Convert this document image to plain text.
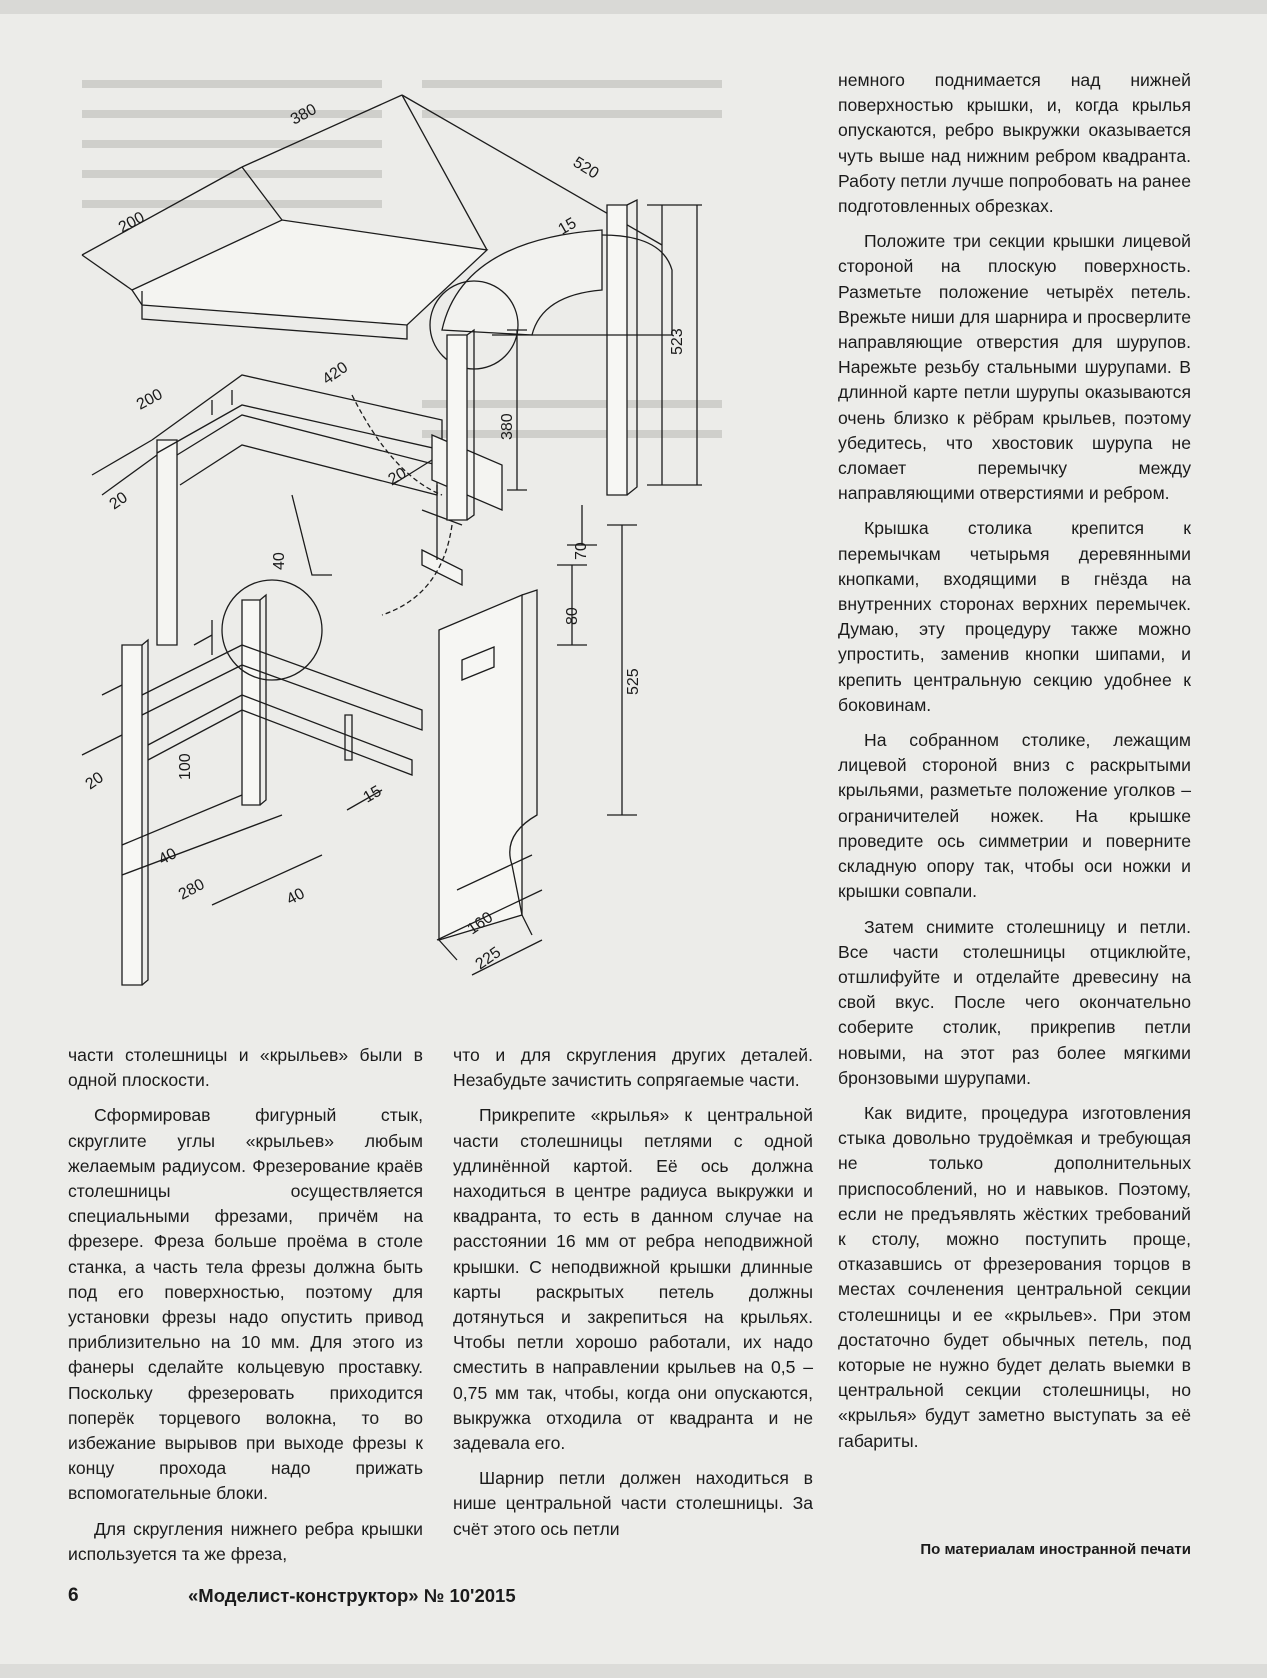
380
520
200	15
523
420
200
380
20
20
40
70
80
525
100
20
15
40
280	40
160
225

немного поднимается над нижней поверхностью крышки, и, когда крылья опускаются, ребро выкружки оказывается чуть выше над нижним ребром квадранта. Работу петли лучше попробовать на ранее подготовленных обрезках.

Положите три секции крышки лицевой стороной на плоскую поверхность. Разметьте положение четырёх петель. Врежьте ниши для шарнира и просверлите направляющие отверстия для шурупов. Нарежьте резьбу стальными шурупами. В длинной карте петли шурупы оказываются очень близко к рёбрам крыльев, поэтому убедитесь, что хвостовик шурупа не сломает перемычку между направляющими отверстиями и ребром.

Крышка столика крепится к перемычкам четырьмя деревянными кнопками, входящими в гнёзда на внутренних сторонах верхних перемычек. Думаю, эту процедуру также можно упростить, заменив кнопки шипами, и крепить центральную секцию удобнее к боковинам.

На собранном столике, лежащим лицевой стороной вниз с раскрытыми крыльями, разметьте положение уголков – ограничителей ножек. На крышке проведите ось симметрии и поверните складную опору так, чтобы оси ножки и крышки совпали.

Затем снимите столешницу и петли. Все части столешницы отциклюйте, отшлифуйте и отделайте древесину на свой вкус. После чего окончательно соберите столик, прикрепив петли новыми, на этот раз более мягкими бронзовыми шурупами.

Как видите, процедура изготовления стыка довольно трудоёмкая и требующая не только дополнительных приспособлений, но и навыков. Поэтому, если не предъявлять жёстких требований к столу, можно поступить проще, отказавшись от фрезерования торцов в местах сочленения центральной секции столешницы и ее «крыльев». При этом достаточно будет обычных петель, под которые не нужно будет делать выемки в центральной секции столешницы, но «крылья» будут заметно выступать за её габариты.

части столешницы и «крыльев» были в одной плоскости.

Сформировав фигурный стык, скруглите углы «крыльев» любым желаемым радиусом. Фрезерование краёв столешницы осуществляется специальными фрезами, причём на фрезере. Фреза больше проёма в столе станка, а часть тела фрезы должна быть под его поверхностью, поэтому для установки фрезы надо опустить привод приблизительно на 10 мм. Для этого из фанеры сделайте кольцевую проставку. Поскольку фрезеровать приходится поперёк торцевого волокна, то во избежание вырывов при выходе фрезы к концу прохода надо прижать вспомогательные блоки.

Для скругления нижнего ребра крышки используется та же фреза,

что и для скругления других деталей. Незабудьте зачистить сопрягаемые части.

Прикрепите «крылья» к центральной части столешницы петлями с одной удлинённой картой. Её ось должна находиться в центре радиуса выкружки и квадранта, то есть в данном случае на расстоянии 16 мм от ребра неподвижной крышки. С неподвижной крышки длинные карты раскрытых петель должны дотянуться и закрепиться на крыльях. Чтобы петли хорошо работали, их надо сместить в направлении крыльев на 0,5 – 0,75 мм так, чтобы, когда они опускаются, выкружка отходила от квадранта и не задевала его.

Шарнир петли должен находиться в нише центральной части столешницы. За счёт этого ось петли

По материалам иностранной печати
6	«Моделист-конструктор» № 10'2015
